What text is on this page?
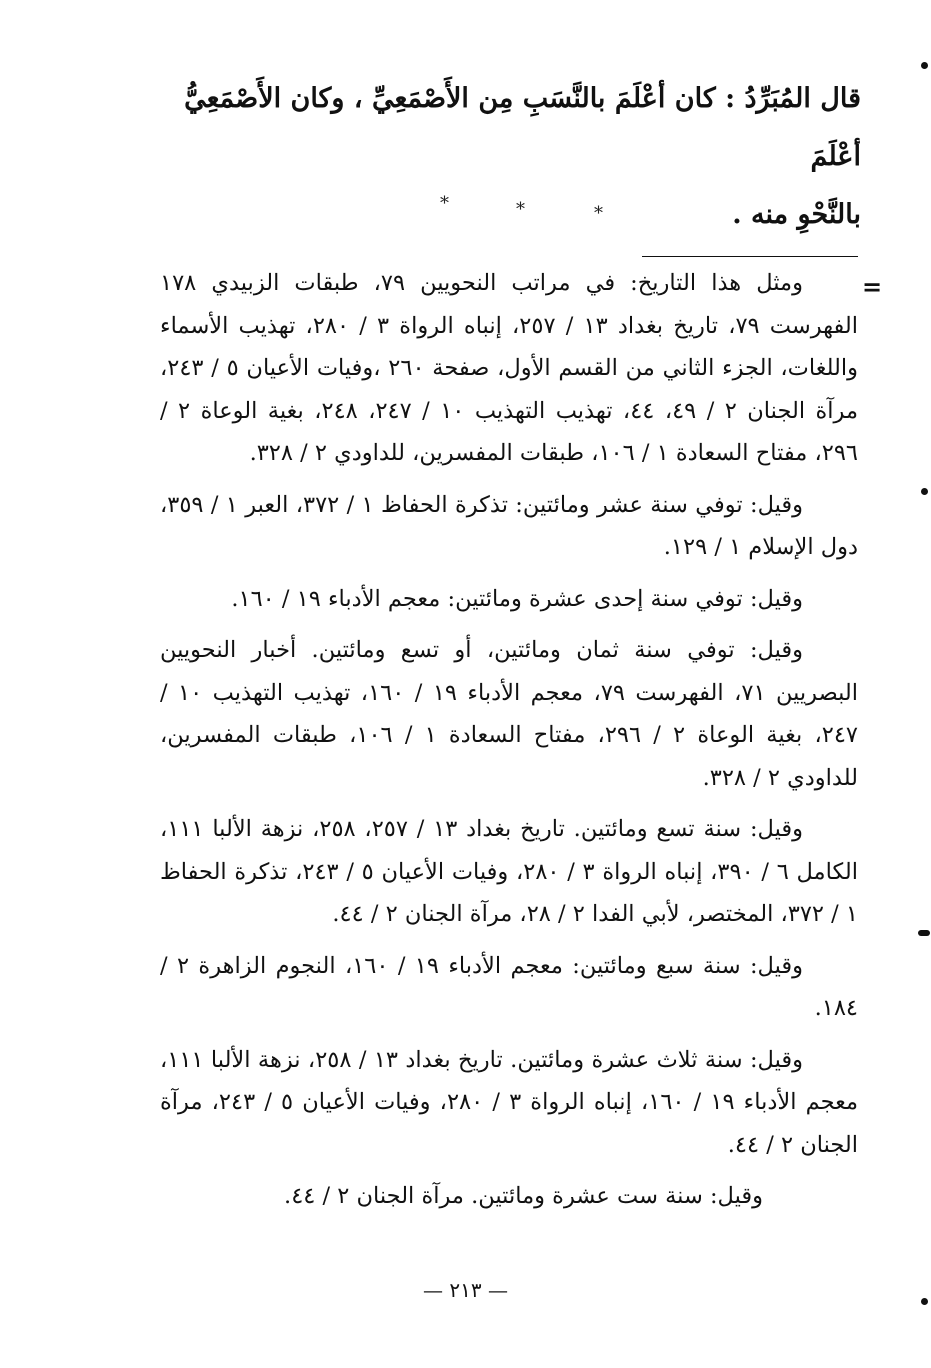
قال المُبَرِّدُ : كان أعْلَمَ بالنَّسَبِ مِن الأَصْمَعِيِّ ، وكان الأَصْمَعِيُّ أعْلَمَ
بالنَّحْوِ منه .
*	*	*
=

ومثل هذا التاريخ: في مراتب النحويين ٧٩، طبقات الزبيدي ١٧٨ الفهرست ٧٩، تاريخ بغداد ١٣ / ٢٥٧، إنباه الرواة ٣ / ٢٨٠، تهذيب الأسماء واللغات، الجزء الثاني من القسم الأول، صفحة ٢٦٠ ،وفيات الأعيان ٥ / ٢٤٣، مرآة الجنان ٢ / ٤٩، ٤٤، تهذيب التهذيب ١٠ / ٢٤٧، ٢٤٨، بغية الوعاة ٢ / ٢٩٦، مفتاح السعادة ١ / ١٠٦، طبقات المفسرين، للداودي ٢ / ٣٢٨.

وقيل: توفي سنة عشر ومائتين: تذكرة الحفاظ ١ / ٣٧٢، العبر ١ / ٣٥٩، دول الإسلام ١ / ١٢٩.

وقيل: توفي سنة إحدى عشرة ومائتين: معجم الأدباء ١٩ / ١٦٠.

وقيل: توفي سنة ثمان ومائتين، أو تسع ومائتين. أخبار النحويين البصريين ٧١، الفهرست ٧٩، معجم الأدباء ١٩ / ١٦٠، تهذيب التهذيب ١٠ / ٢٤٧، بغية الوعاة ٢ / ٢٩٦، مفتاح السعادة ١ / ١٠٦، طبقات المفسرين، للداودي ٢ / ٣٢٨.

وقيل: سنة تسع ومائتين. تاريخ بغداد ١٣ / ٢٥٧، ٢٥٨، نزهة الألبا ١١١، الكامل ٦ / ٣٩٠، إنباه الرواة ٣ / ٢٨٠، وفيات الأعيان ٥ / ٢٤٣، تذكرة الحفاظ ١ / ٣٧٢، المختصر، لأبي الفدا ٢ / ٢٨، مرآة الجنان ٢ / ٤٤.

وقيل: سنة سبع ومائتين: معجم الأدباء ١٩ / ١٦٠، النجوم الزاهرة ٢ / ١٨٤.

وقيل: سنة ثلاث عشرة ومائتين. تاريخ بغداد ١٣ / ٢٥٨، نزهة الألبا ١١١، معجم الأدباء ١٩ / ١٦٠، إنباه الرواة ٣ / ٢٨٠، وفيات الأعيان ٥ / ٢٤٣، مرآة الجنان ٢ / ٤٤.

وقيل: سنة ست عشرة ومائتين. مرآة الجنان ٢ / ٤٤.

— ٢١٣ —
